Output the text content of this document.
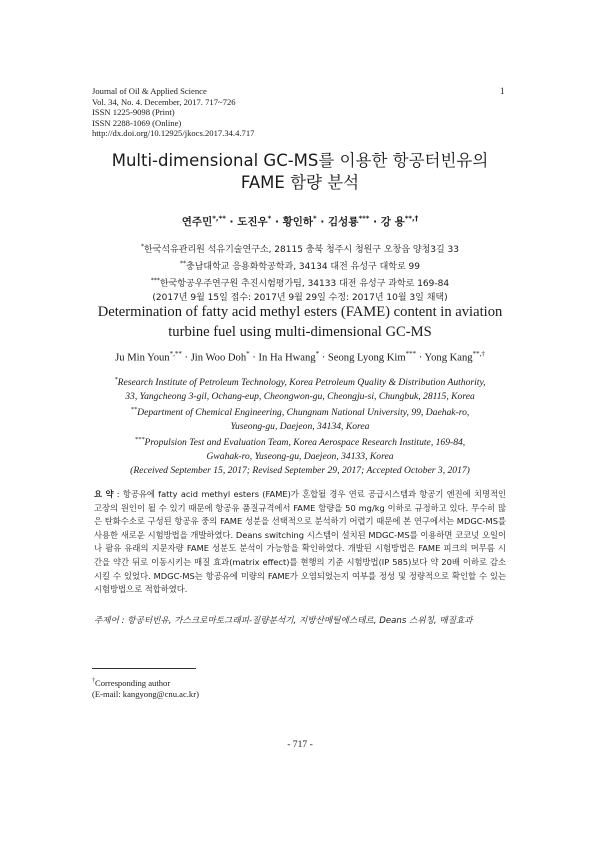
Journal of Oil & Applied Science
Vol. 34, No. 4. December, 2017. 717~726
ISSN 1225-9098 (Print)
ISSN 2288-1069 (Online)
http://dx.doi.org/10.12925/jkocs.2017.34.4.717
1
Multi-dimensional GC-MS를 이용한 항공터빈유의
FAME 함량 분석
연주민*,** · 도진우* · 황인하* · 김성룡*** · 강 용**,†
*한국석유관리원 석유기술연구소, 28115 충북 청주시 청원구 오창읍 양청3길 33
**충남대학교 응용화학공학과, 34134 대전 유성구 대학로 99
***한국항공우주연구원 추진시험평가팀, 34133 대전 유성구 과학로 169-84
(2017년 9월 15일 접수: 2017년 9월 29일 수정: 2017년 10월 3일 채택)
Determination of fatty acid methyl esters (FAME) content in aviation
turbine fuel using multi-dimensional GC-MS
Ju Min Youn*,** · Jin Woo Doh* · In Ha Hwang* · Seong Lyong Kim*** · Yong Kang**,†
*Research Institute of Petroleum Technology, Korea Petroleum Quality & Distribution Authority,
33, Yangcheong 3-gil, Ochang-eup, Cheongwon-gu, Cheongju-si, Chungbuk, 28115, Korea
**Department of Chemical Engineering, Chungnam National University, 99, Daehak-ro,
Yuseong-gu, Daejeon, 34134, Korea
***Propulsion Test and Evaluation Team, Korea Aerospace Research Institute, 169-84,
Gwahak-ro, Yuseong-gu, Daejeon, 34133, Korea
(Received September 15, 2017; Revised September 29, 2017; Accepted October 3, 2017)
요 약 : 항공유에 fatty acid methyl esters (FAME)가 혼합될 경우 연료 공급시스템과 항공기 엔진에 치명적인 고장의 원인이 될 수 있기 때문에 항공유 품질규격에서 FAME 함량을 50 mg/kg 이하로 규정하고 있다. 무수히 많은 탄화수소로 구성된 항공유 중의 FAME 성분을 선택적으로 분석하기 어렵기 때문에 본 연구에서는 MDGC-MS를 사용한 새로운 시험방법을 개발하였다. Deans switching 시스템이 설치된 MDGC-MS를 이용하면 코코넛 오일이나 팜유 유래의 지문자량 FAME 성분도 분석이 가능함을 확인하였다. 개발된 시험방법은 FAME 피크의 머무름 시간을 약간 뒤로 이동시키는 매질 효과(matrix effect)를 현행의 기준 시험방법(IP 585)보다 약 20배 이하로 감소시킬 수 있었다. MDGC-MS는 항공유에 미량의 FAME가 오염되었는지 여부를 정성 및 정량적으로 확인할 수 있는 시험방법으로 적합하였다.
주제어 : 항공터빈유, 가스크로마토그래피-질량분석기, 지방산메틸에스테르, Deans 스위칭, 매질효과
†Corresponding author
(E-mail: kangyong@cnu.ac.kr)
- 717 -
